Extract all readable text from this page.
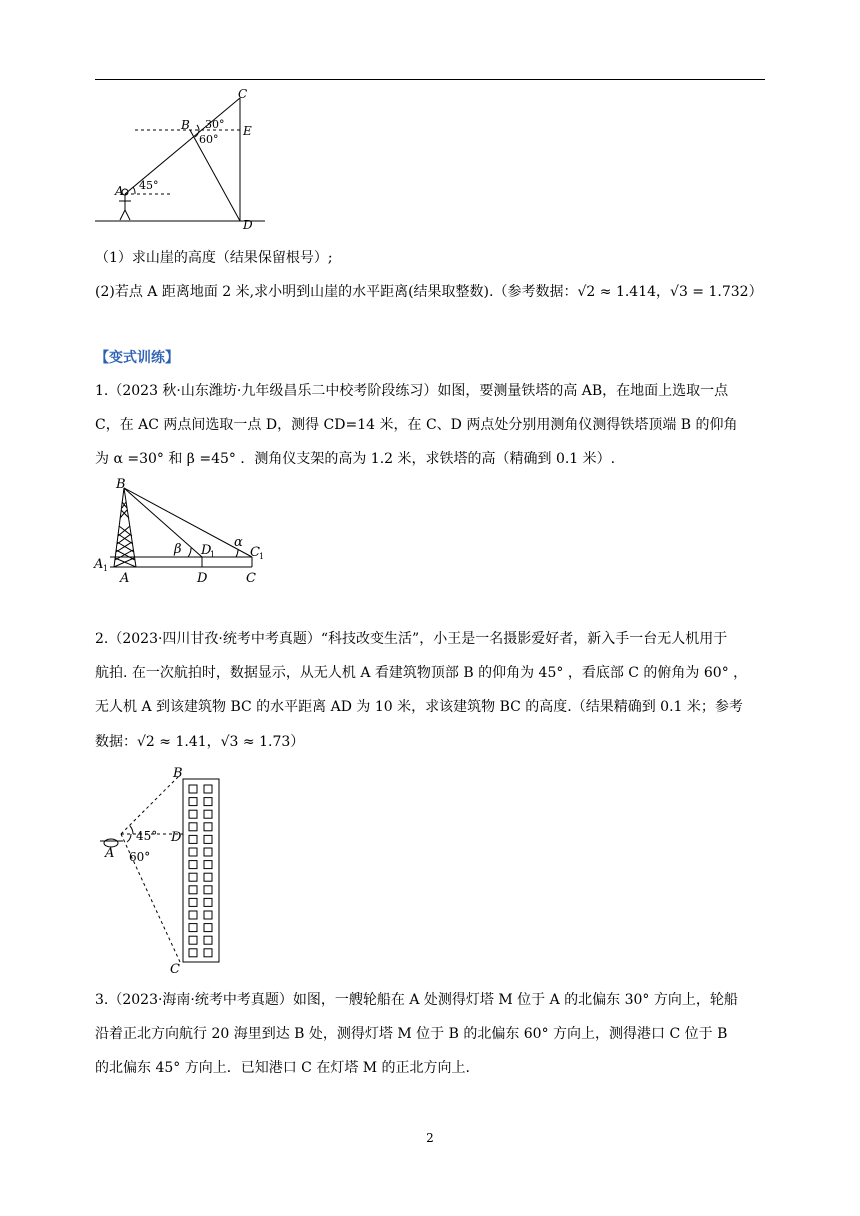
C
B	E
A
D
45°
30°
60°
（1）求山崖的高度（结果保留根号）;
(2)若点 A 距离地面 2 米,求小明到山崖的水平距离(结果取整数).（参考数据：√2 ≈ 1.414，√3 = 1.732）
【变式训练】
1.（2023 秋·山东潍坊·九年级昌乐二中校考阶段练习）如图，要测量铁塔的高 AB，在地面上选取一点
C，在 AC 两点间选取一点 D，测得 CD=14 米，在 C、D 两点处分别用测角仪测得铁塔顶端 B 的仰角
为 α =30° 和 β =45° ．测角仪支架的高为 1.2 米，求铁塔的高（精确到 0.1 米）.
B
A 1
A	D	C
D
1	C 1
α
β
2.（2023·四川甘孜·统考中考真题）“科技改变生活”，小王是一名摄影爱好者，新入手一台无人机用于
航拍. 在一次航拍时，数据显示，从无人机 A 看建筑物顶部 B 的仰角为 45° ，看底部 C 的俯角为 60° ，
无人机 A 到该建筑物 BC 的水平距离 AD 为 10 米，求该建筑物 BC 的高度.（结果精确到 0.1 米；参考
数据：√2 ≈ 1.41，√3 ≈ 1.73）
B
C
D
A
45°
60°
3.（2023·海南·统考中考真题）如图，一艘轮船在 A 处测得灯塔 M 位于 A 的北偏东 30° 方向上，轮船
沿着正北方向航行 20 海里到达 B 处，测得灯塔 M 位于 B 的北偏东 60° 方向上，测得港口 C 位于 B
的北偏东 45° 方向上．已知港口 C 在灯塔 M 的正北方向上.
2
